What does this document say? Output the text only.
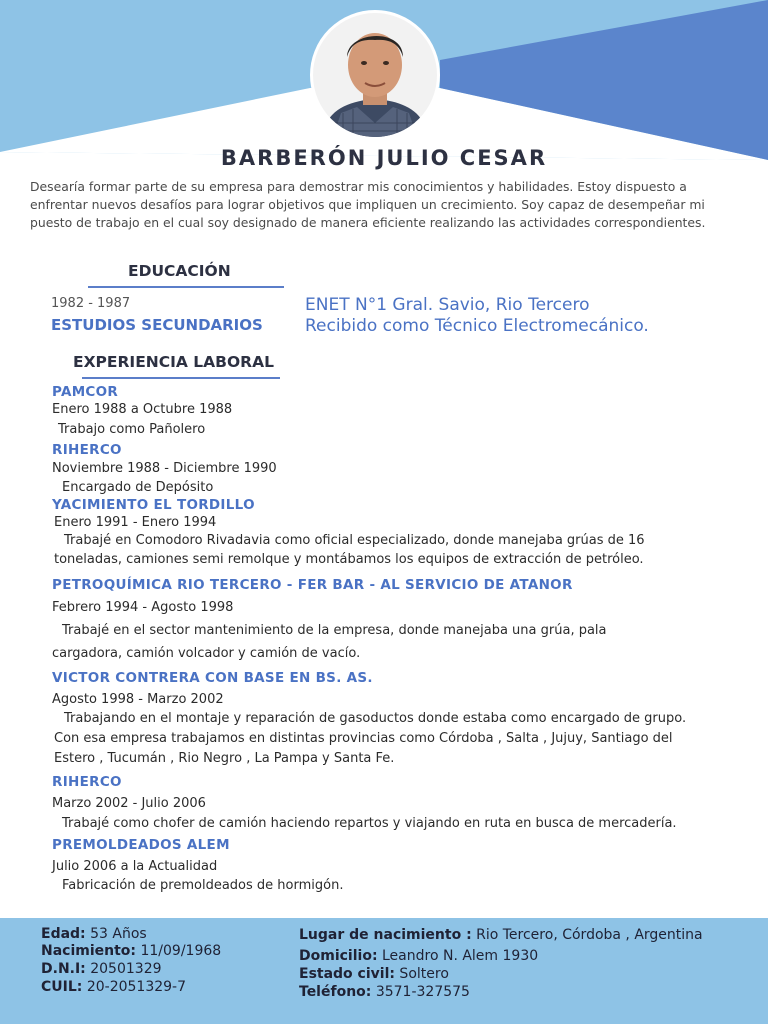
BARBERÓN JULIO CESAR

Desearía formar parte de su empresa para demostrar mis conocimientos y habilidades. Estoy dispuesto a enfrentar nuevos desafíos para lograr objetivos que impliquen un crecimiento. Soy capaz de desempeñar mi puesto de trabajo en el cual soy designado de manera eficiente realizando las actividades correspondientes.

EDUCACIÓN
1982 - 1987
ESTUDIOS SECUNDARIOS
ENET N°1 Gral. Savio, Rio Tercero
Recibido como Técnico Electromecánico.
EXPERIENCIA LABORAL
PAMCOR
Enero 1988 a Octubre 1988
Trabajo como Pañolero
RIHERCO
Noviembre 1988 - Diciembre 1990
Encargado de Depósito
YACIMIENTO EL TORDILLO
Enero 1991 - Enero 1994
Trabajé en Comodoro Rivadavia como oficial especializado, donde manejaba grúas de 16
toneladas, camiones semi remolque y montábamos los equipos de extracción de petróleo.
PETROQUÍMICA RIO TERCERO - FER BAR - AL SERVICIO DE ATANOR
Febrero 1994 - Agosto 1998
Trabajé en el sector mantenimiento de la empresa, donde manejaba una grúa, pala
cargadora, camión volcador y camión de vacío.
VICTOR CONTRERA CON BASE EN BS. AS.
Agosto 1998 - Marzo 2002
Trabajando en el montaje y reparación de gasoductos donde estaba como encargado de grupo.
Con esa empresa trabajamos en distintas provincias como Córdoba , Salta , Jujuy, Santiago del
Estero , Tucumán , Rio Negro , La Pampa y Santa Fe.
RIHERCO
Marzo 2002 - Julio 2006
Trabajé como chofer de camión haciendo repartos y viajando en ruta en busca de mercadería.
PREMOLDEADOS ALEM
Julio 2006 a la Actualidad
Fabricación de premoldeados de hormigón.
Edad: 53 Años
Nacimiento: 11/09/1968
D.N.I: 20501329
CUIL: 20-2051329-7
Lugar de nacimiento : Rio Tercero, Córdoba , Argentina
Domicilio: Leandro N. Alem 1930
Estado civil: Soltero
Teléfono: 3571-327575
